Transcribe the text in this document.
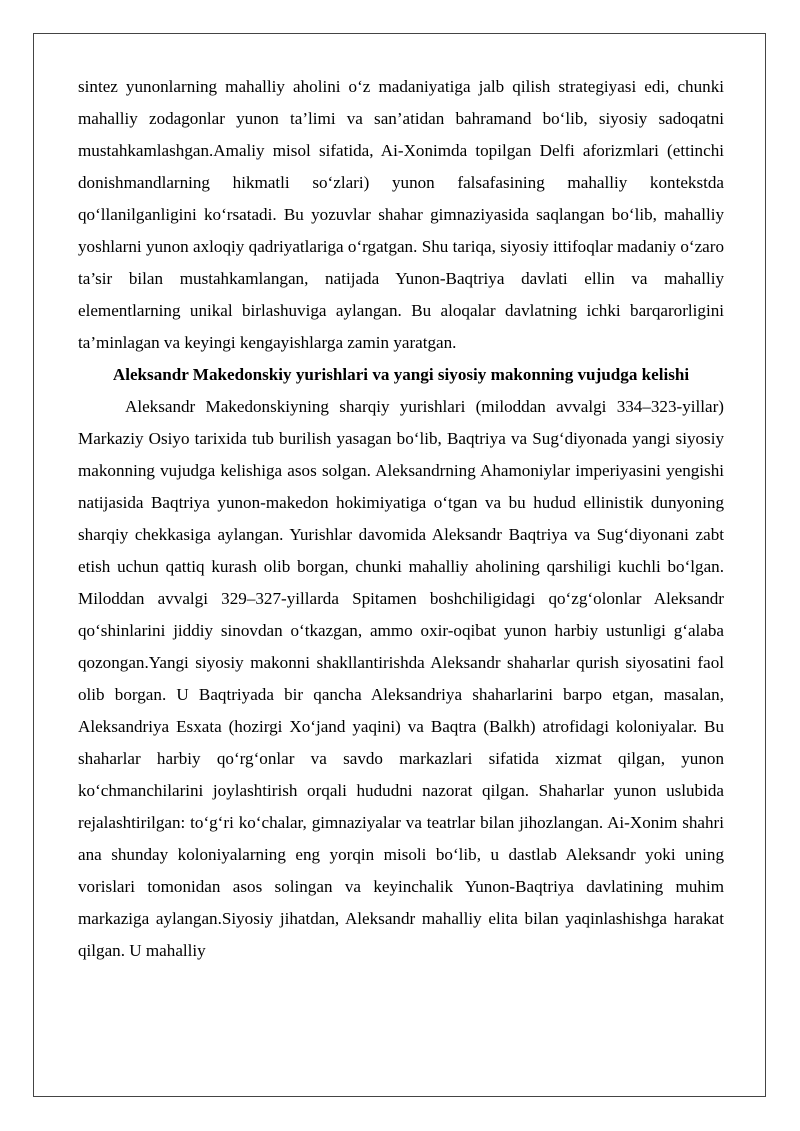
sintez yunonlarning mahalliy aholini o‘z madaniyatiga jalb qilish strategiyasi edi, chunki mahalliy zodagonlar yunon ta’limi va san’atidan bahramand bo‘lib, siyosiy sadoqatni mustahkamlashgan.Amaliy misol sifatida, Ai-Xonimda topilgan Delfi aforizmlari (ettinchi donishmandlarning hikmatli so‘zlari) yunon falsafasining mahalliy kontekstda qo‘llanilganligini ko‘rsatadi. Bu yozuvlar shahar gimnaziyasida saqlangan bo‘lib, mahalliy yoshlarni yunon axloqiy qadriyatlariga o‘rgatgan. Shu tariqa, siyosiy ittifoqlar madaniy o‘zaro ta’sir bilan mustahkamlangan, natijada Yunon-Baqtriya davlati ellin va mahalliy elementlarning unikal birlashuviga aylangan. Bu aloqalar davlatning ichki barqarorligini ta’minlagan va keyingi kengayishlarga zamin yaratgan.

Aleksandr Makedonskiy yurishlari va yangi siyosiy makonning vujudga kelishi

Aleksandr Makedonskiyning sharqiy yurishlari (miloddan avvalgi 334–323-yillar) Markaziy Osiyo tarixida tub burilish yasagan bo‘lib, Baqtriya va Sug‘diyonada yangi siyosiy makonning vujudga kelishiga asos solgan. Aleksandrning Ahamoniylar imperiyasini yengishi natijasida Baqtriya yunon-makedon hokimiyatiga o‘tgan va bu hudud ellinistik dunyoning sharqiy chekkasiga aylangan. Yurishlar davomida Aleksandr Baqtriya va Sug‘diyonani zabt etish uchun qattiq kurash olib borgan, chunki mahalliy aholining qarshiligi kuchli bo‘lgan. Miloddan avvalgi 329–327-yillarda Spitamen boshchiligidagi qo‘zg‘olonlar Aleksandr qo‘shinlarini jiddiy sinovdan o‘tkazgan, ammo oxir-oqibat yunon harbiy ustunligi g‘alaba qozongan.Yangi siyosiy makonni shakllantirishda Aleksandr shaharlar qurish siyosatini faol olib borgan. U Baqtriyada bir qancha Aleksandriya shaharlarini barpo etgan, masalan, Aleksandriya Esxata (hozirgi Xo‘jand yaqini) va Baqtra (Balkh) atrofidagi koloniyalar. Bu shaharlar harbiy qo‘rg‘onlar va savdo markazlari sifatida xizmat qilgan, yunon ko‘chmanchilarini joylashtirish orqali hududni nazorat qilgan. Shaharlar yunon uslubida rejalashtirilgan: to‘g‘ri ko‘chalar, gimnaziyalar va teatrlar bilan jihozlangan. Ai-Xonim shahri ana shunday koloniyalarning eng yorqin misoli bo‘lib, u dastlab Aleksandr yoki uning vorislari tomonidan asos solingan va keyinchalik Yunon-Baqtriya davlatining muhim markaziga aylangan.Siyosiy jihatdan, Aleksandr mahalliy elita bilan yaqinlashishga harakat qilgan. U mahalliy
